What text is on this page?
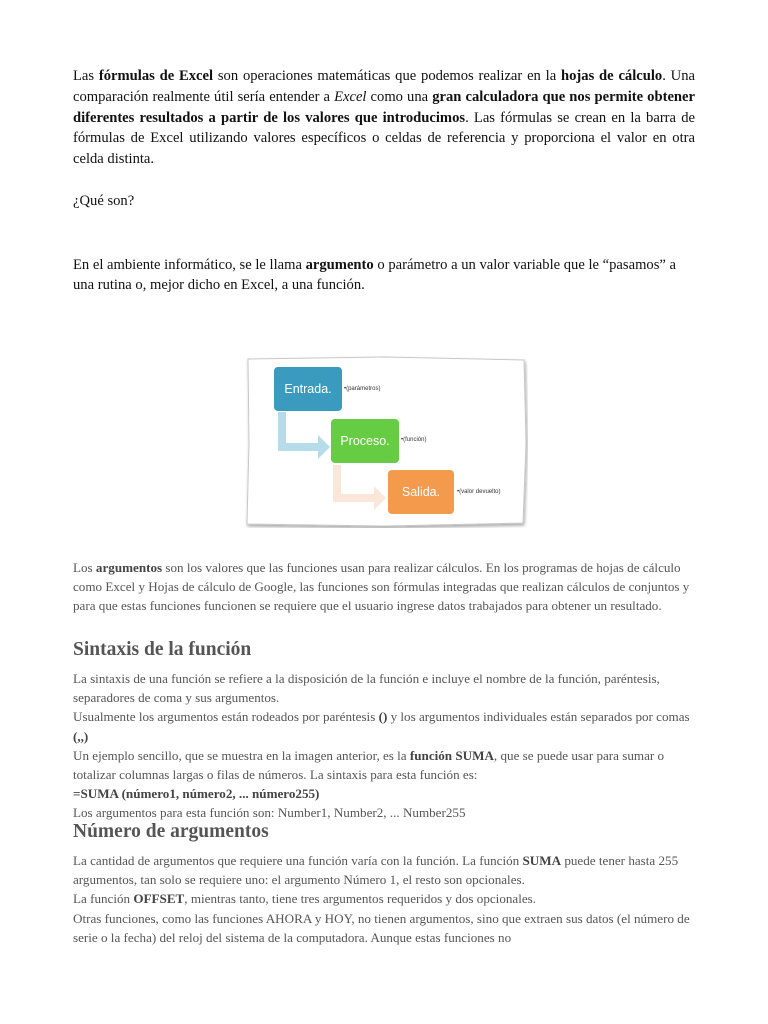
Las fórmulas de Excel son operaciones matemáticas que podemos realizar en la hojas de cálculo. Una comparación realmente útil sería entender a Excel como una gran calculadora que nos permite obtener diferentes resultados a partir de los valores que introducimos. Las fórmulas se crean en la barra de fórmulas de Excel utilizando valores específicos o celdas de referencia y proporciona el valor en otra celda distinta.

¿Qué son?

En el ambiente informático, se le llama argumento o parámetro a un valor variable que le “pasamos” a una rutina o, mejor dicho en Excel, a una función.

Entrada. •(parámetros)
Proceso. •(función)
Salida.	•(valor devuelto)

Los argumentos son los valores que las funciones usan para realizar cálculos. En los programas de hojas de cálculo como Excel y Hojas de cálculo de Google, las funciones son fórmulas integradas que realizan cálculos de conjuntos y para que estas funciones funcionen se requiere que el usuario ingrese datos trabajados para obtener un resultado.

Sintaxis de la función

La sintaxis de una función se refiere a la disposición de la función e incluye el nombre de la función, paréntesis, separadores de coma y sus argumentos.

Usualmente los argumentos están rodeados por paréntesis () y los argumentos individuales están separados por comas (,,)

Un ejemplo sencillo, que se muestra en la imagen anterior, es la función SUMA, que se puede usar para sumar o totalizar columnas largas o filas de números. La sintaxis para esta función es:

=SUMA (número1, número2, ... número255)

Los argumentos para esta función son: Number1, Number2, ... Number255

Número de argumentos

La cantidad de argumentos que requiere una función varía con la función. La función SUMA puede tener hasta 255 argumentos, tan solo se requiere uno: el argumento Número 1, el resto son opcionales.

La función OFFSET, mientras tanto, tiene tres argumentos requeridos y dos opcionales.

Otras funciones, como las funciones AHORA y HOY, no tienen argumentos, sino que extraen sus datos (el número de serie o la fecha) del reloj del sistema de la computadora. Aunque estas funciones no
